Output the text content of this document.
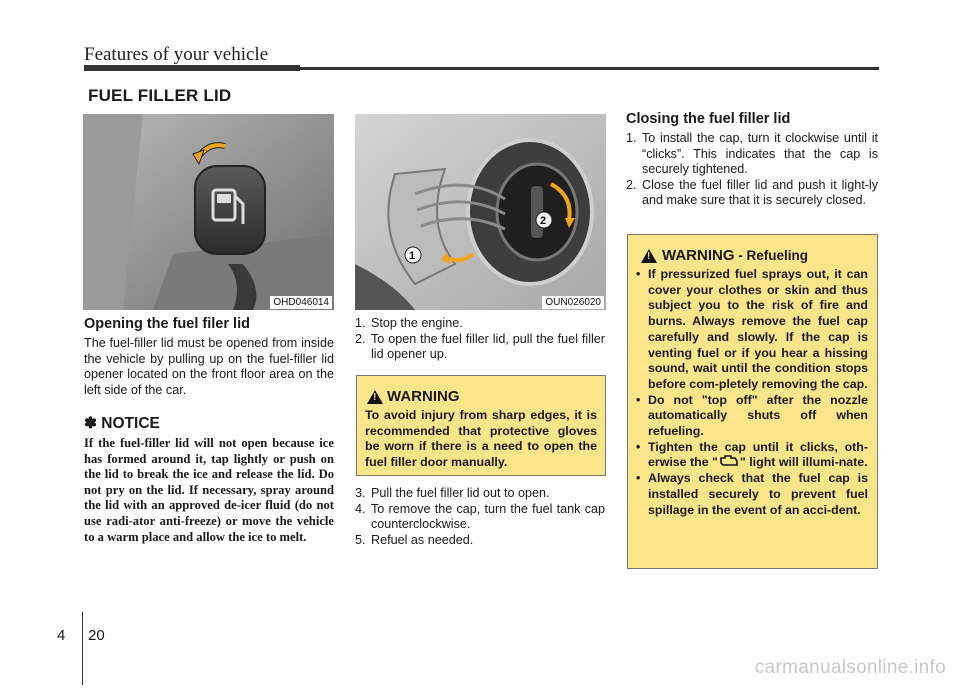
Features of your vehicle
FUEL FILLER LID
OHD046014
2
1
OUN026020
Opening the fuel filer lid
The fuel-filler lid must be opened from inside the vehicle by pulling up on the fuel-filler lid opener located on the front floor area on the left side of the car.
✽ NOTICE
If the fuel-filler lid will not open because ice has formed around it, tap lightly or push on the lid to break the ice and release the lid. Do not pry on the lid. If necessary, spray around the lid with an approved de-icer fluid (do not use radi-ator anti-freeze) or move the vehicle to a warm place and allow the ice to melt.
1. Stop the engine.
2. To open the fuel filler lid, pull the fuel filler lid opener up.
!
WARNING
To avoid injury from sharp edges, it is recommended that protective gloves be worn if there is a need to open the fuel filler door manually.
3. Pull the fuel filler lid out to open.
4. To remove the cap, turn the fuel tank cap counterclockwise.
5. Refuel as needed.
Closing the fuel filler lid
1. To install the cap, turn it clockwise until it “clicks”. This indicates that the cap is securely tightened.
2. Close the fuel filler lid and push it light-ly and make sure that it is securely closed.
!
WARNING - Refueling
• If pressurized fuel sprays out, it can cover your clothes or skin and thus subject you to the risk of fire and burns. Always remove the fuel cap carefully and slowly. If the cap is venting fuel or if you hear a hissing sound, wait until the condition stops before com-pletely removing the cap.
• Do not "top off" after the nozzle automatically shuts off when refueling.
• Tighten the cap until it clicks, oth-erwise the " " light will illumi-nate.
• Always check that the fuel cap is installed securely to prevent fuel spillage in the event of an acci-dent.
4 20
carmanualsonline.info
